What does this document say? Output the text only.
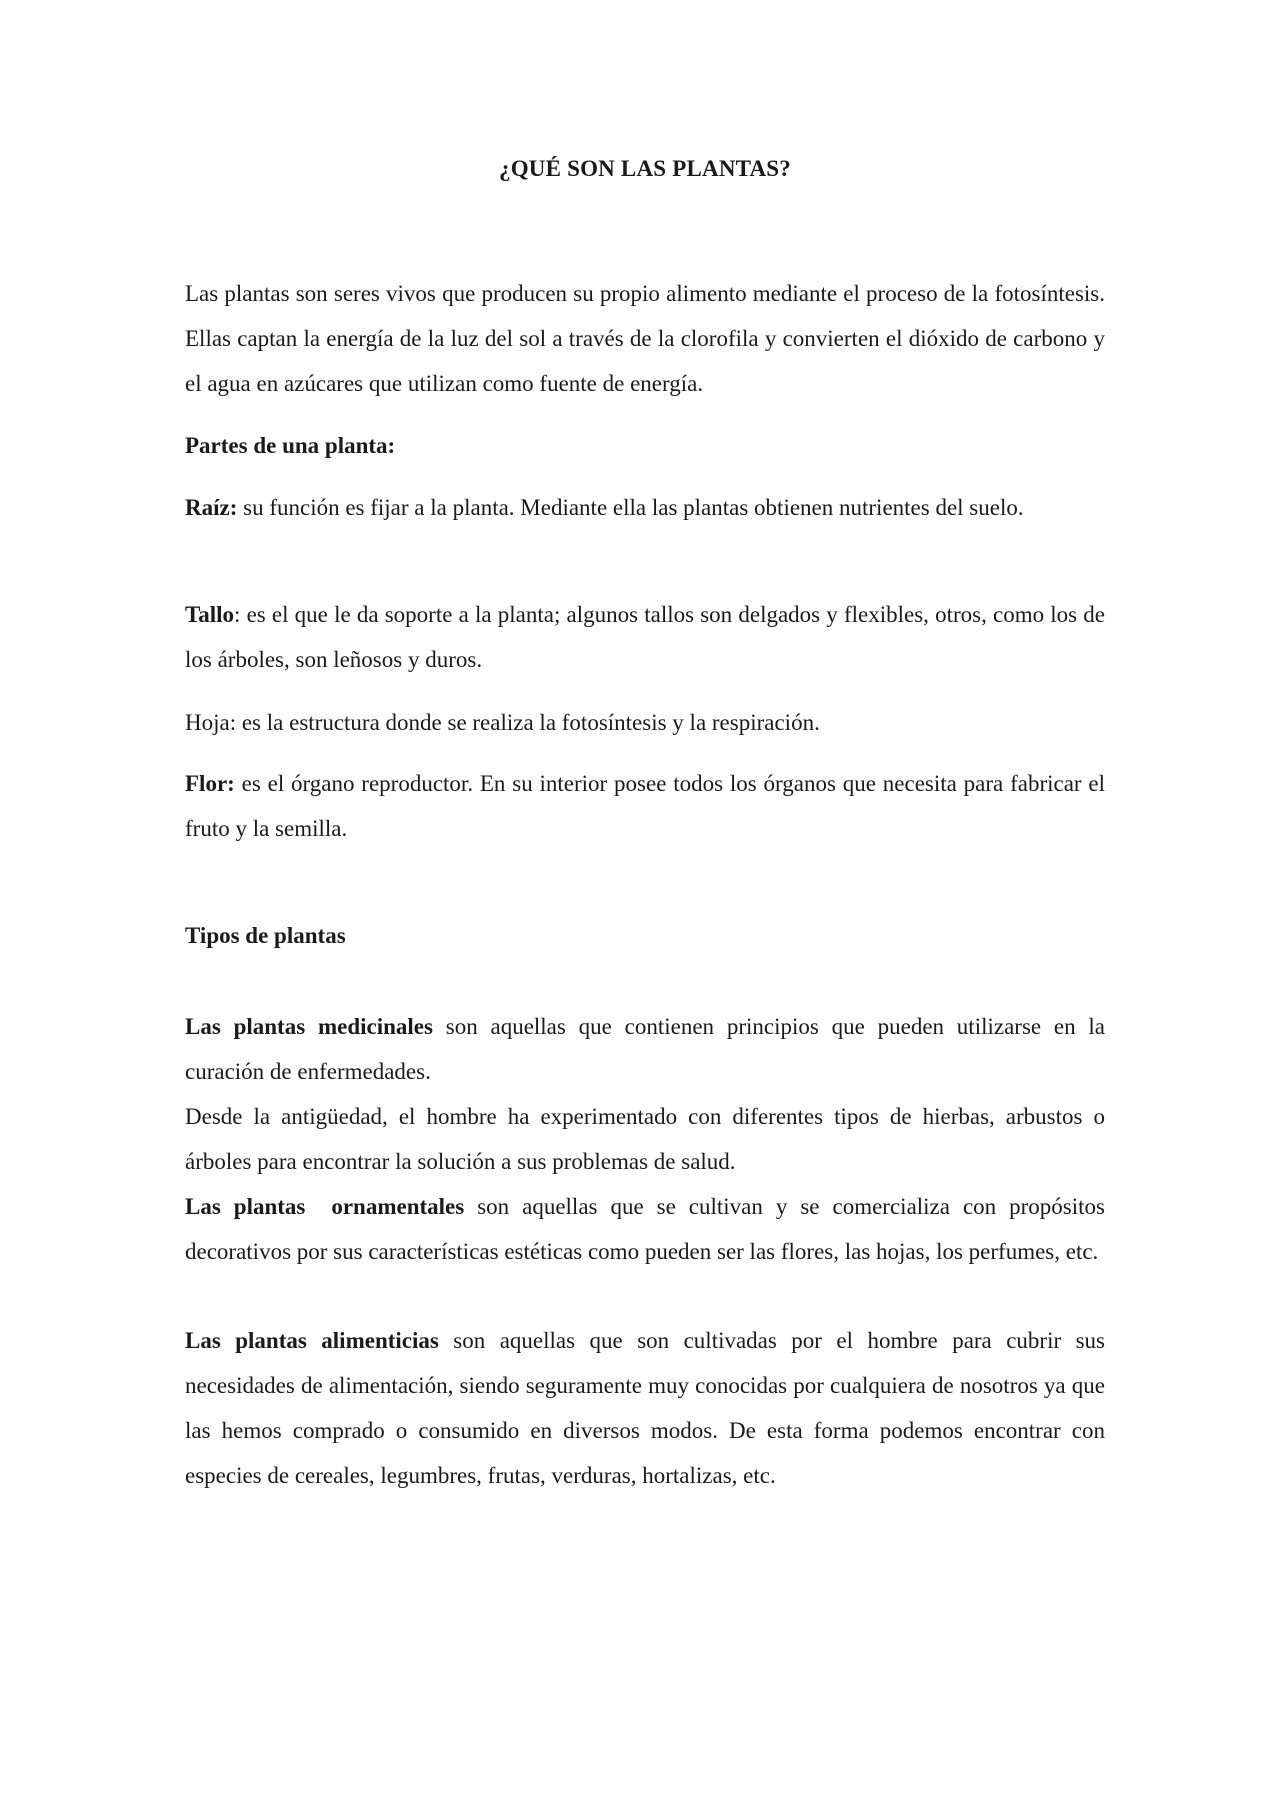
¿QUÉ SON LAS PLANTAS?

Las plantas son seres vivos que producen su propio alimento mediante el proceso de la fotosíntesis. Ellas captan la energía de la luz del sol a través de la clorofila y convierten el dióxido de carbono y el agua en azúcares que utilizan como fuente de energía.

Partes de una planta:

Raíz: su función es fijar a la planta. Mediante ella las plantas obtienen nutrientes del suelo.

Tallo: es el que le da soporte a la planta; algunos tallos son delgados y flexibles, otros, como los de los árboles, son leñosos y duros.

Hoja: es la estructura donde se realiza la fotosíntesis y la respiración.

Flor: es el órgano reproductor. En su interior posee todos los órganos que necesita para fabricar el fruto y la semilla.

Tipos de plantas

Las plantas medicinales son aquellas que contienen principios que pueden utilizarse en la curación de enfermedades.

Desde la antigüedad, el hombre ha experimentado con diferentes tipos de hierbas, arbustos o árboles para encontrar la solución a sus problemas de salud.

Las plantas  ornamentales son aquellas que se cultivan y se comercializa con propósitos decorativos por sus características estéticas como pueden ser las flores, las hojas, los perfumes, etc.

Las plantas alimenticias son aquellas que son cultivadas por el hombre para cubrir sus necesidades de alimentación, siendo seguramente muy conocidas por cualquiera de nosotros ya que las hemos comprado o consumido en diversos modos. De esta forma podemos encontrar con especies de cereales, legumbres, frutas, verduras, hortalizas, etc.
